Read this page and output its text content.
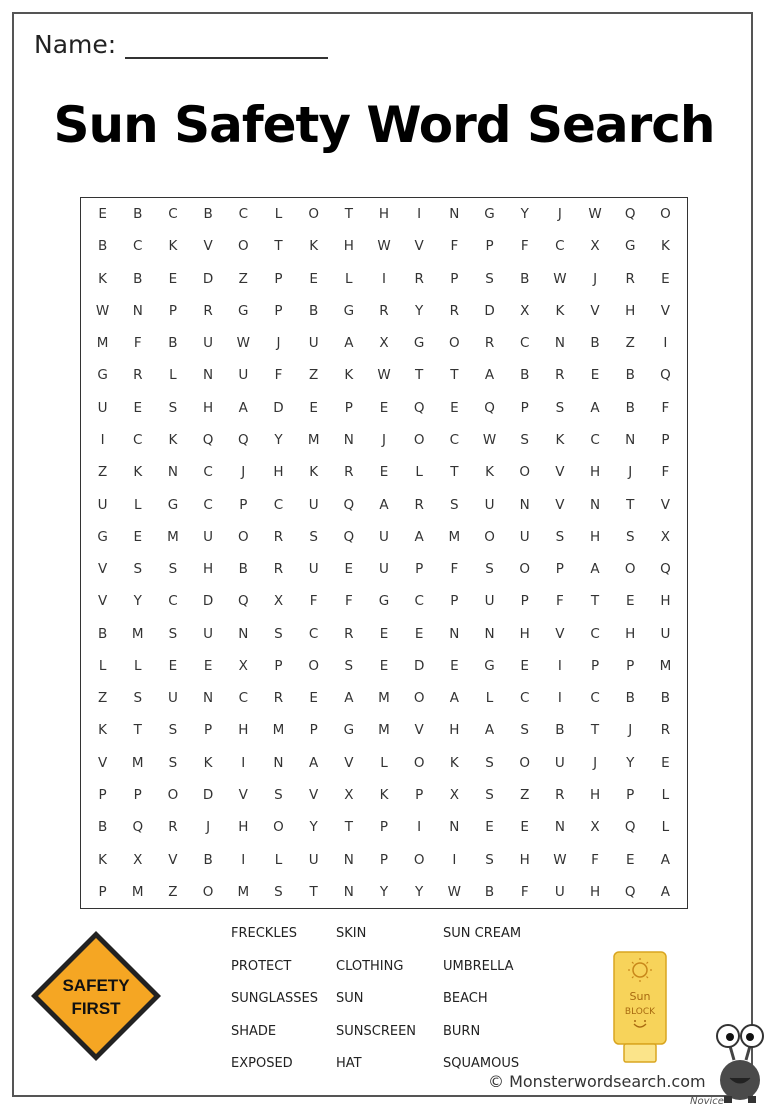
Name:
Sun Safety Word Search
E	B	C	B	C	L	O	T	H	I	N	G	Y	J	W	Q	O
B	C	K	V	O	T	K	H	W	V	F	P	F	C	X	G	K
K	B	E	D	Z	P	E	L	I	R	P	S	B	W	J	R	E
W	N	P	R	G	P	B	G	R	Y	R	D	X	K	V	H	V
M	F	B	U	W	J	U	A	X	G	O	R	C	N	B	Z	I
G	R	L	N	U	F	Z	K	W	T	T	A	B	R	E	B	Q
U	E	S	H	A	D	E	P	E	Q	E	Q	P	S	A	B	F
I	C	K	Q	Q	Y	M	N	J	O	C	W	S	K	C	N	P
Z	K	N	C	J	H	K	R	E	L	T	K	O	V	H	J	F
U	L	G	C	P	C	U	Q	A	R	S	U	N	V	N	T	V
G	E	M	U	O	R	S	Q	U	A	M	O	U	S	H	S	X
V	S	S	H	B	R	U	E	U	P	F	S	O	P	A	O	Q
V	Y	C	D	Q	X	F	F	G	C	P	U	P	F	T	E	H
B	M	S	U	N	S	C	R	E	E	N	N	H	V	C	H	U
L	L	E	E	X	P	O	S	E	D	E	G	E	I	P	P	M
Z	S	U	N	C	R	E	A	M	O	A	L	C	I	C	B	B
K	T	S	P	H	M	P	G	M	V	H	A	S	B	T	J	R
V	M	S	K	I	N	A	V	L	O	K	S	O	U	J	Y	E
P	P	O	D	V	S	V	X	K	P	X	S	Z	R	H	P	L
B	Q	R	J	H	O	Y	T	P	I	N	E	E	N	X	Q	L
K	X	V	B	I	L	U	N	P	O	I	S	H	W	F	E	A
P	M	Z	O	M	S	T	N	Y	Y	W	B	F	U	H	Q	A
SAFETY
FIRST
FRECKLES
PROTECT
SUNGLASSES
SHADE
EXPOSED
SKIN
CLOTHING
SUN
SUNSCREEN
HAT
SUN CREAM
UMBRELLA
BEACH
BURN
SQUAMOUS
Sun
BLOCK
© Monsterwordsearch.com
Novice
